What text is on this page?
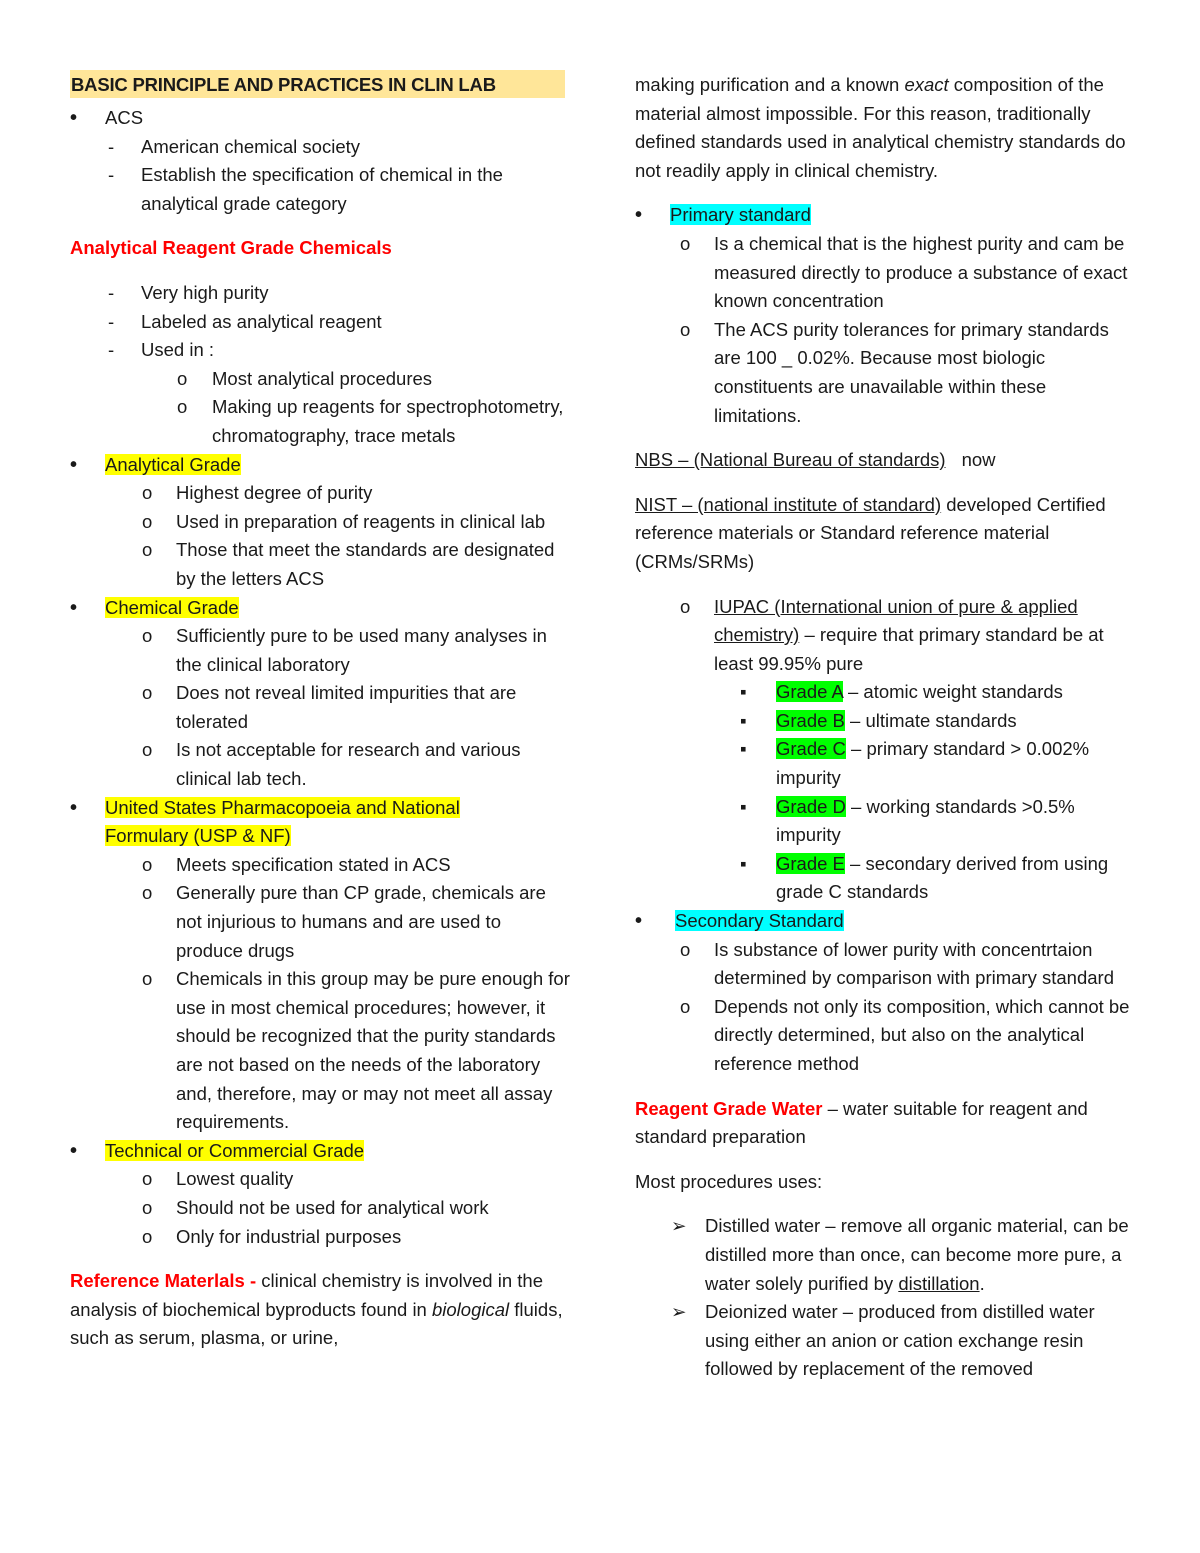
BASIC PRINCIPLE AND PRACTICES IN CLIN LAB
• ACS
- American chemical society
- Establish the specification of chemical in the analytical grade category

Analytical Reagent Grade Chemicals

- Very high purity
- Labeled as analytical reagent
- Used in :
o Most analytical procedures
o Making up reagents for spectrophotometry, chromatography, trace metals
• Analytical Grade
o Highest degree of purity
o Used in preparation of reagents in clinical lab
o Those that meet the standards are designated by the letters ACS
• Chemical Grade
o Sufficiently pure to be used many analyses in the clinical laboratory
o Does not reveal limited impurities that are tolerated
o Is not acceptable for research and various clinical lab tech.
• United States Pharmacopoeia and National Formulary (USP & NF)
o Meets specification stated in ACS
o Generally pure than CP grade, chemicals are not injurious to humans and are used to produce drugs
o Chemicals in this group may be pure enough for use in most chemical procedures; however, it should be recognized that the purity standards are not based on the needs of the laboratory and, therefore, may or may not meet all assay requirements.
• Technical or Commercial Grade
o Lowest quality
o Should not be used for analytical work
o Only for industrial purposes

Reference Materlals - clinical chemistry is involved in the analysis of biochemical byproducts found in biological fluids, such as serum, plasma, or urine,

making purification and a known exact composition of the material almost impossible. For this reason, traditionally defined standards used in analytical chemistry standards do not readily apply in clinical chemistry.

• Primary standard
o Is a chemical that is the highest purity and cam be measured directly to produce a substance of exact known concentration
o The ACS purity tolerances for primary standards are 100 _ 0.02%. Because most biologic constituents are unavailable within these limitations.

NBS – (National Bureau of standards) now

NIST – (national institute of standard) developed Certified reference materials or Standard reference material (CRMs/SRMs)

o IUPAC (International union of pure & applied chemistry) – require that primary standard be at least 99.95% pure
▪ Grade A – atomic weight standards
▪ Grade B – ultimate standards
▪ Grade C – primary standard > 0.002% impurity
▪ Grade D – working standards >0.5% impurity
▪ Grade E – secondary derived from using grade C standards
• Secondary Standard
o Is substance of lower purity with concentrtaion determined by comparison with primary standard
o Depends not only its composition, which cannot be directly determined, but also on the analytical reference method

Reagent Grade Water – water suitable for reagent and standard preparation

Most procedures uses:

➢ Distilled water – remove all organic material, can be distilled more than once, can become more pure, a water solely purified by distillation.
➢ Deionized water – produced from distilled water using either an anion or cation exchange resin followed by replacement of the removed
